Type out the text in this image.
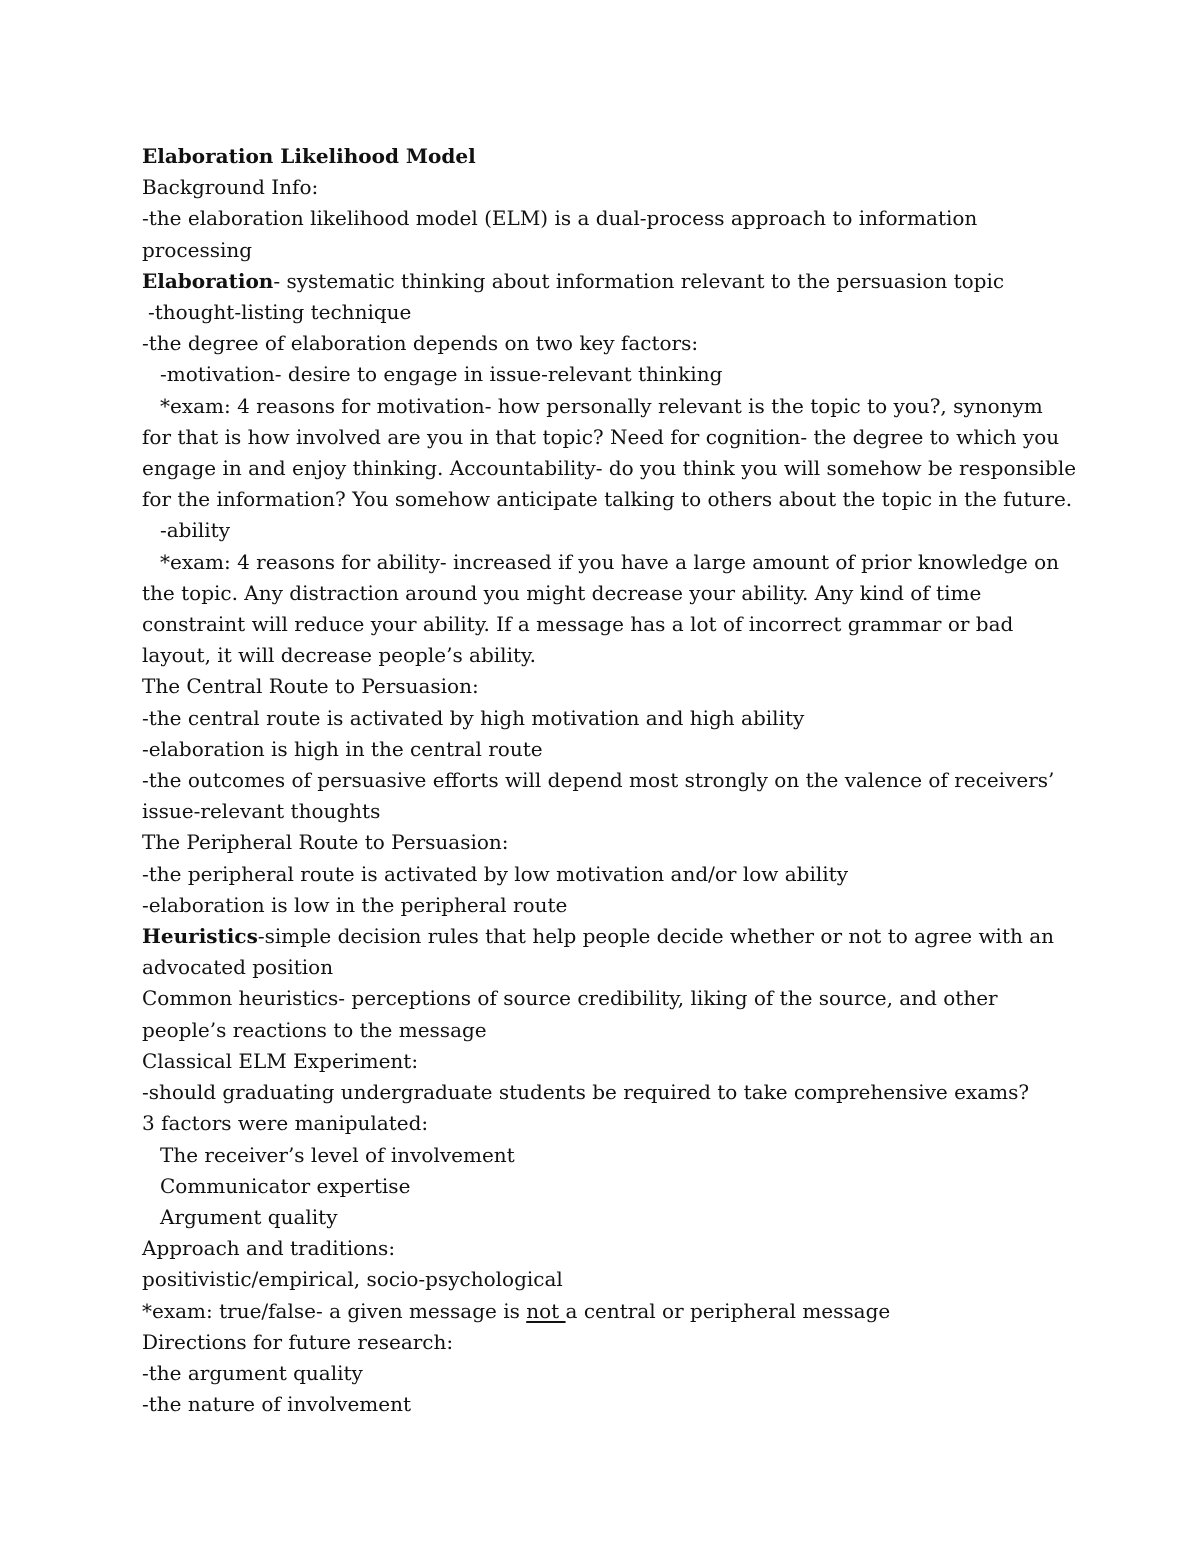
Elaboration Likelihood Model

Background Info:

-the elaboration likelihood model (ELM) is a dual-process approach to information processing

Elaboration- systematic thinking about information relevant to the persuasion topic

-thought-listing technique

-the degree of elaboration depends on two key factors:

-motivation- desire to engage in issue-relevant thinking

*exam: 4 reasons for motivation- how personally relevant is the topic to you?, synonym for that is how involved are you in that topic? Need for cognition- the degree to which you engage in and enjoy thinking. Accountability- do you think you will somehow be responsible for the information? You somehow anticipate talking to others about the topic in the future.

-ability

*exam: 4 reasons for ability- increased if you have a large amount of prior knowledge on the topic. Any distraction around you might decrease your ability. Any kind of time constraint will reduce your ability. If a message has a lot of incorrect grammar or bad layout, it will decrease people’s ability.

The Central Route to Persuasion:

-the central route is activated by high motivation and high ability

-elaboration is high in the central route

-the outcomes of persuasive efforts will depend most strongly on the valence of receivers’ issue-relevant thoughts

The Peripheral Route to Persuasion:

-the peripheral route is activated by low motivation and/or low ability

-elaboration is low in the peripheral route

Heuristics-simple decision rules that help people decide whether or not to agree with an advocated position

Common heuristics- perceptions of source credibility, liking of the source, and other people’s reactions to the message

Classical ELM Experiment:

-should graduating undergraduate students be required to take comprehensive exams?

3 factors were manipulated:

The receiver’s level of involvement

Communicator expertise

Argument quality

Approach and traditions:

positivistic/empirical, socio-psychological

*exam: true/false- a given message is not a central or peripheral message

Directions for future research:

-the argument quality

-the nature of involvement
